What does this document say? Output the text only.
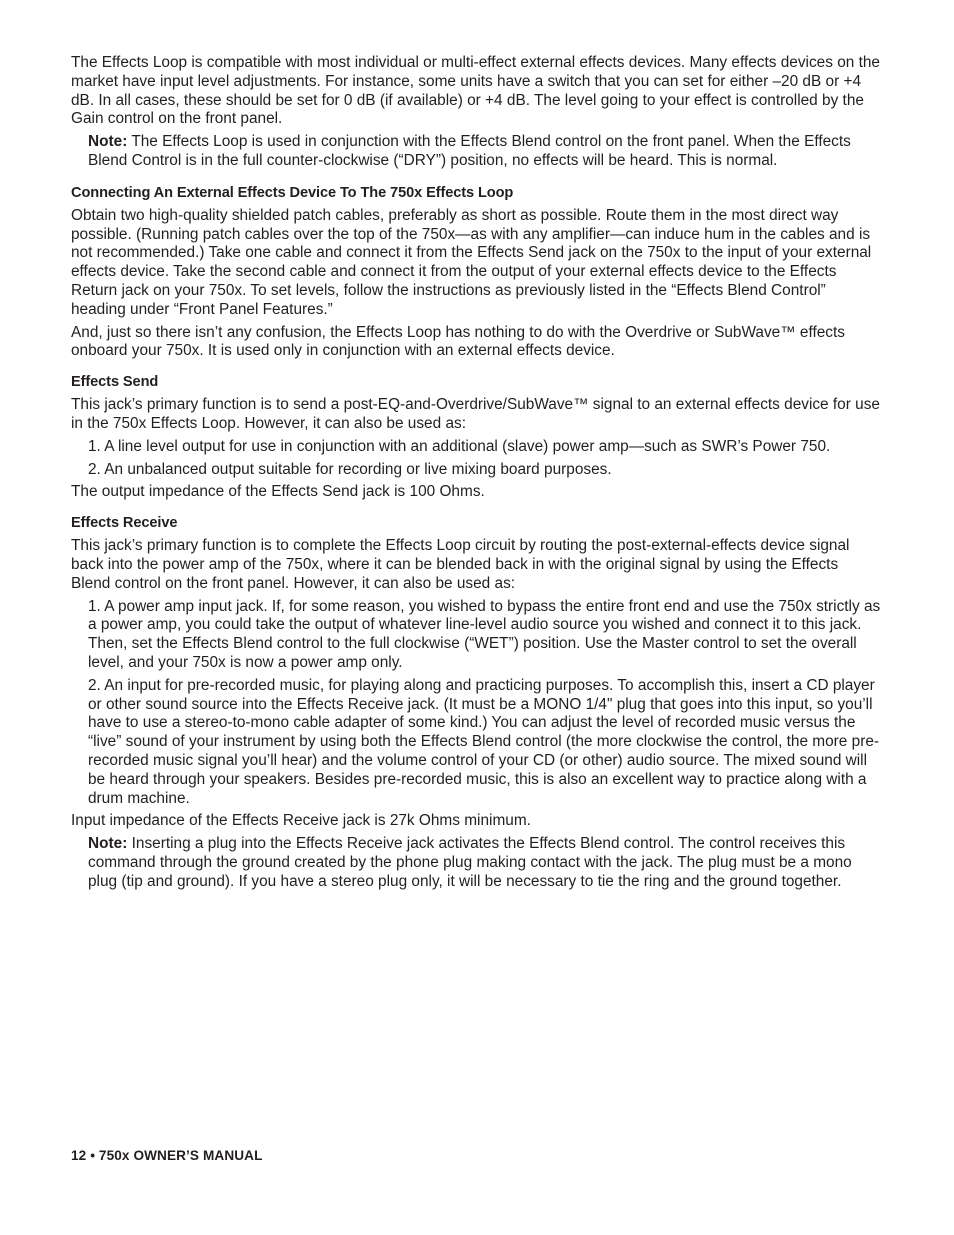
The Effects Loop is compatible with most individual or multi-effect external effects devices. Many effects devices on the market have input level adjustments. For instance, some units have a switch that you can set for either –20 dB or +4 dB. In all cases, these should be set for 0 dB (if available) or +4 dB. The level going to your effect is controlled by the Gain control on the front panel.

Note: The Effects Loop is used in conjunction with the Effects Blend control on the front panel. When the Effects Blend Control is in the full counter-clockwise (“DRY”) position, no effects will be heard. This is normal.

Connecting An External Effects Device To The 750x Effects Loop

Obtain two high-quality shielded patch cables, preferably as short as possible. Route them in the most direct way possible. (Running patch cables over the top of the 750x—as with any amplifier—can induce hum in the cables and is not recommended.) Take one cable and connect it from the Effects Send jack on the 750x to the input of your external effects device. Take the second cable and connect it from the output of your external effects device to the Effects Return jack on your 750x. To set levels, follow the instructions as previously listed in the “Effects Blend Control” heading under “Front Panel Features.”

And, just so there isn’t any confusion, the Effects Loop has nothing to do with the Overdrive or SubWave™ effects onboard your 750x. It is used only in conjunction with an external effects device.

Effects Send

This jack’s primary function is to send a post-EQ-and-Overdrive/SubWave™ signal to an external effects device for use in the 750x Effects Loop. However, it can also be used as:

1. A line level output for use in conjunction with an additional (slave) power amp—such as SWR’s Power 750.

2. An unbalanced output suitable for recording or live mixing board purposes.

The output impedance of the Effects Send jack is 100 Ohms.

Effects Receive

This jack’s primary function is to complete the Effects Loop circuit by routing the post-external-effects device signal back into the power amp of the 750x, where it can be blended back in with the original signal by using the Effects Blend control on the front panel. However, it can also be used as:

1. A power amp input jack. If, for some reason, you wished to bypass the entire front end and use the 750x strictly as a power amp, you could take the output of whatever line-level audio source you wished and connect it to this jack. Then, set the Effects Blend control to the full clockwise (“WET”) position. Use the Master control to set the overall level, and your 750x is now a power amp only.

2. An input for pre-recorded music, for playing along and practicing purposes. To accomplish this, insert a CD player or other sound source into the Effects Receive jack. (It must be a MONO 1/4" plug that goes into this input, so you’ll have to use a stereo-to-mono cable adapter of some kind.) You can adjust the level of recorded music versus the “live” sound of your instrument by using both the Effects Blend control (the more clockwise the control, the more pre-recorded music signal you’ll hear) and the volume control of your CD (or other) audio source. The mixed sound will be heard through your speakers. Besides pre-recorded music, this is also an excellent way to practice along with a drum machine.

Input impedance of the Effects Receive jack is 27k Ohms minimum.

Note: Inserting a plug into the Effects Receive jack activates the Effects Blend control. The control receives this command through the ground created by the phone plug making contact with the jack. The plug must be a mono plug (tip and ground). If you have a stereo plug only, it will be necessary to tie the ring and the ground together.

12 • 750x OWNER’S MANUAL
